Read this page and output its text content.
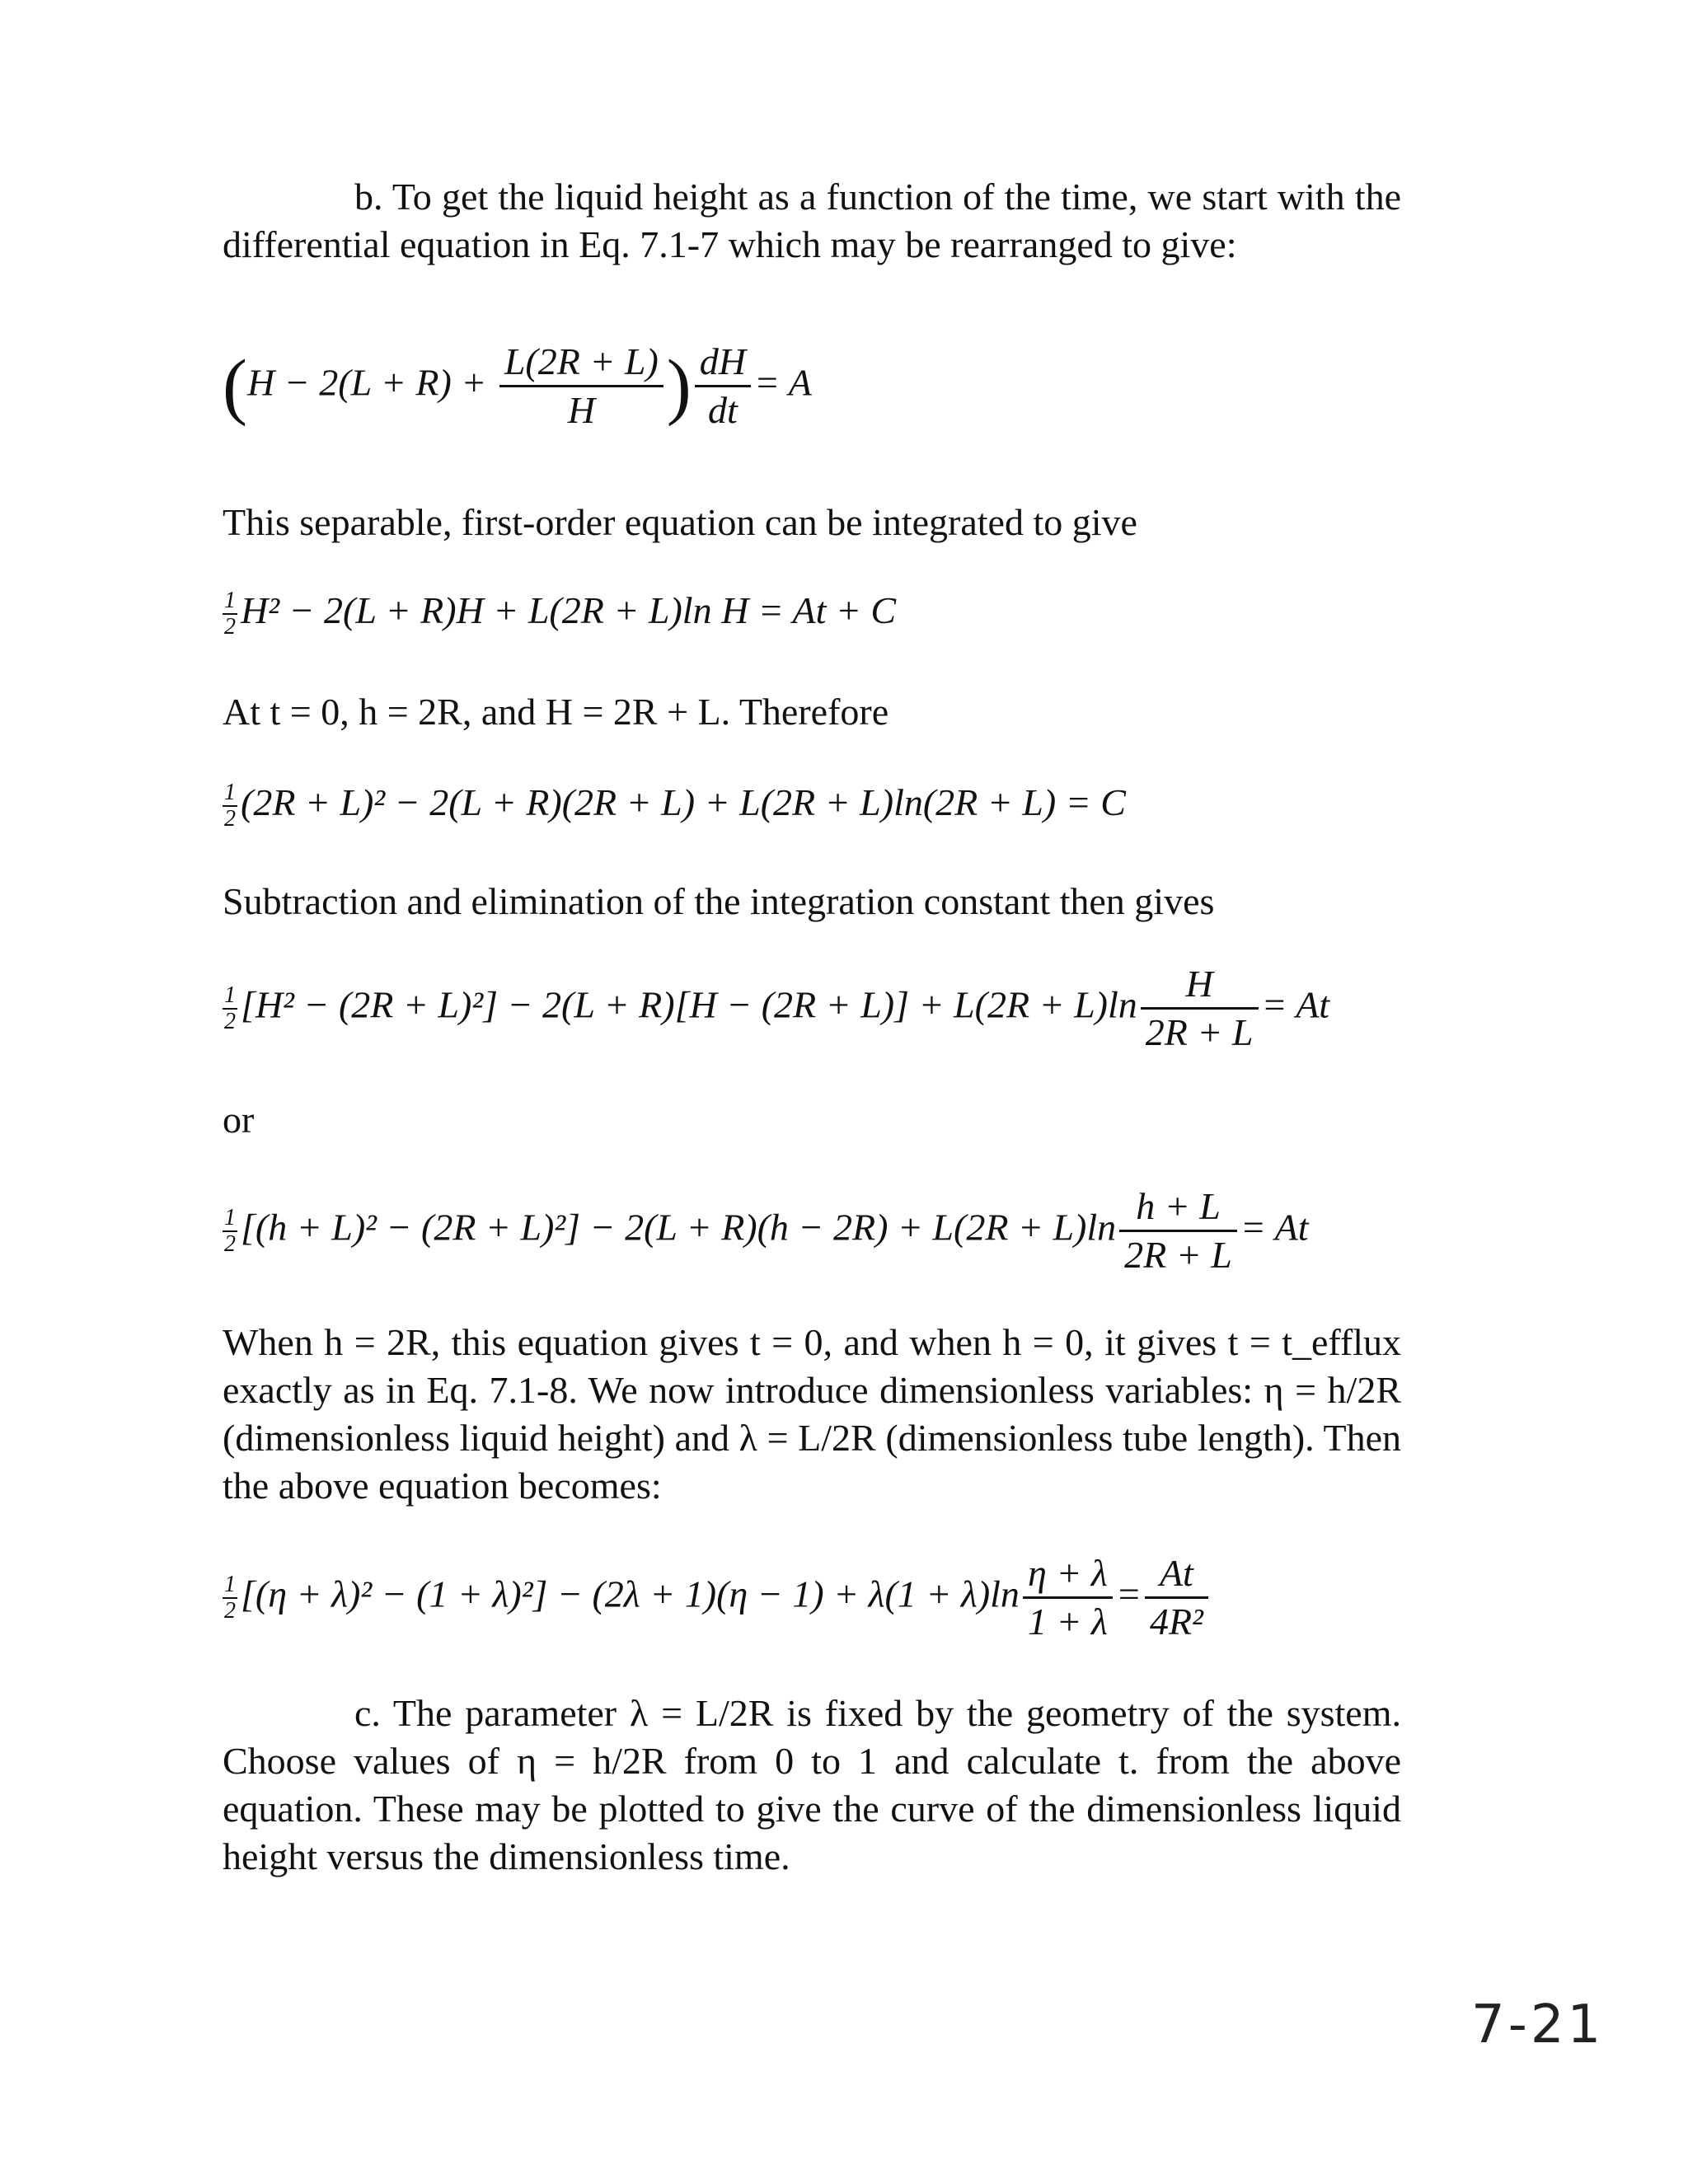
b. To get the liquid height as a function of the time, we start with the differential equation in Eq. 7.1-7 which may be rearranged to give:

($H - 2(L + R) + \frac{L(2R + L)}{H}$ ) $\frac{dH}{dt} = A$

This separable, first-order equation can be integrated to give

$\frac{1}{2} H^2 - 2(L + R)H + L(2R + L)\ln$ H = At + C

At t = 0, h = 2R, and H = 2R + L. Therefore

$\frac{1}{2} (2R + L)^2 - 2(L + R)(2R + L) + L(2R + L)\ln(2R + L) = C$

Subtraction and elimination of the integration constant then gives

$\frac{1}{2} [H^2 - (2R + L)^2] - 2(L + R)[H - (2R + L)] + L(2R + L)\ln \frac{H}{2R + L} = At$

or

$\frac{1}{2} [(h + L)^2 - (2R + L)^2] - 2(L + R)(h - 2R) + L(2R + L)\ln \frac{h + L}{2R + L} = At$

When h = 2R, this equation gives t = 0, and when h = 0, it gives t = t_efflux exactly as in Eq. 7.1-8. We now introduce dimensionless variables: η = h/2R (dimensionless liquid height) and λ = L/2R (dimensionless tube length). Then the above equation becomes:

$\frac{1}{2} [(\eta + \lambda)^2 - (1 + \lambda)^2] - (2\lambda + 1)(\eta - 1) + \lambda(1 + \lambda)\ln \frac{\eta + \lambda}{1 + \lambda} = \frac{At}{\text{4R²}}$

c. The parameter λ = L/2R is fixed by the geometry of the system. Choose values of η = h/2R from 0 to 1 and calculate t. from the above equation. These may be plotted to give the curve of the dimensionless liquid height versus the dimensionless time.

7-21
